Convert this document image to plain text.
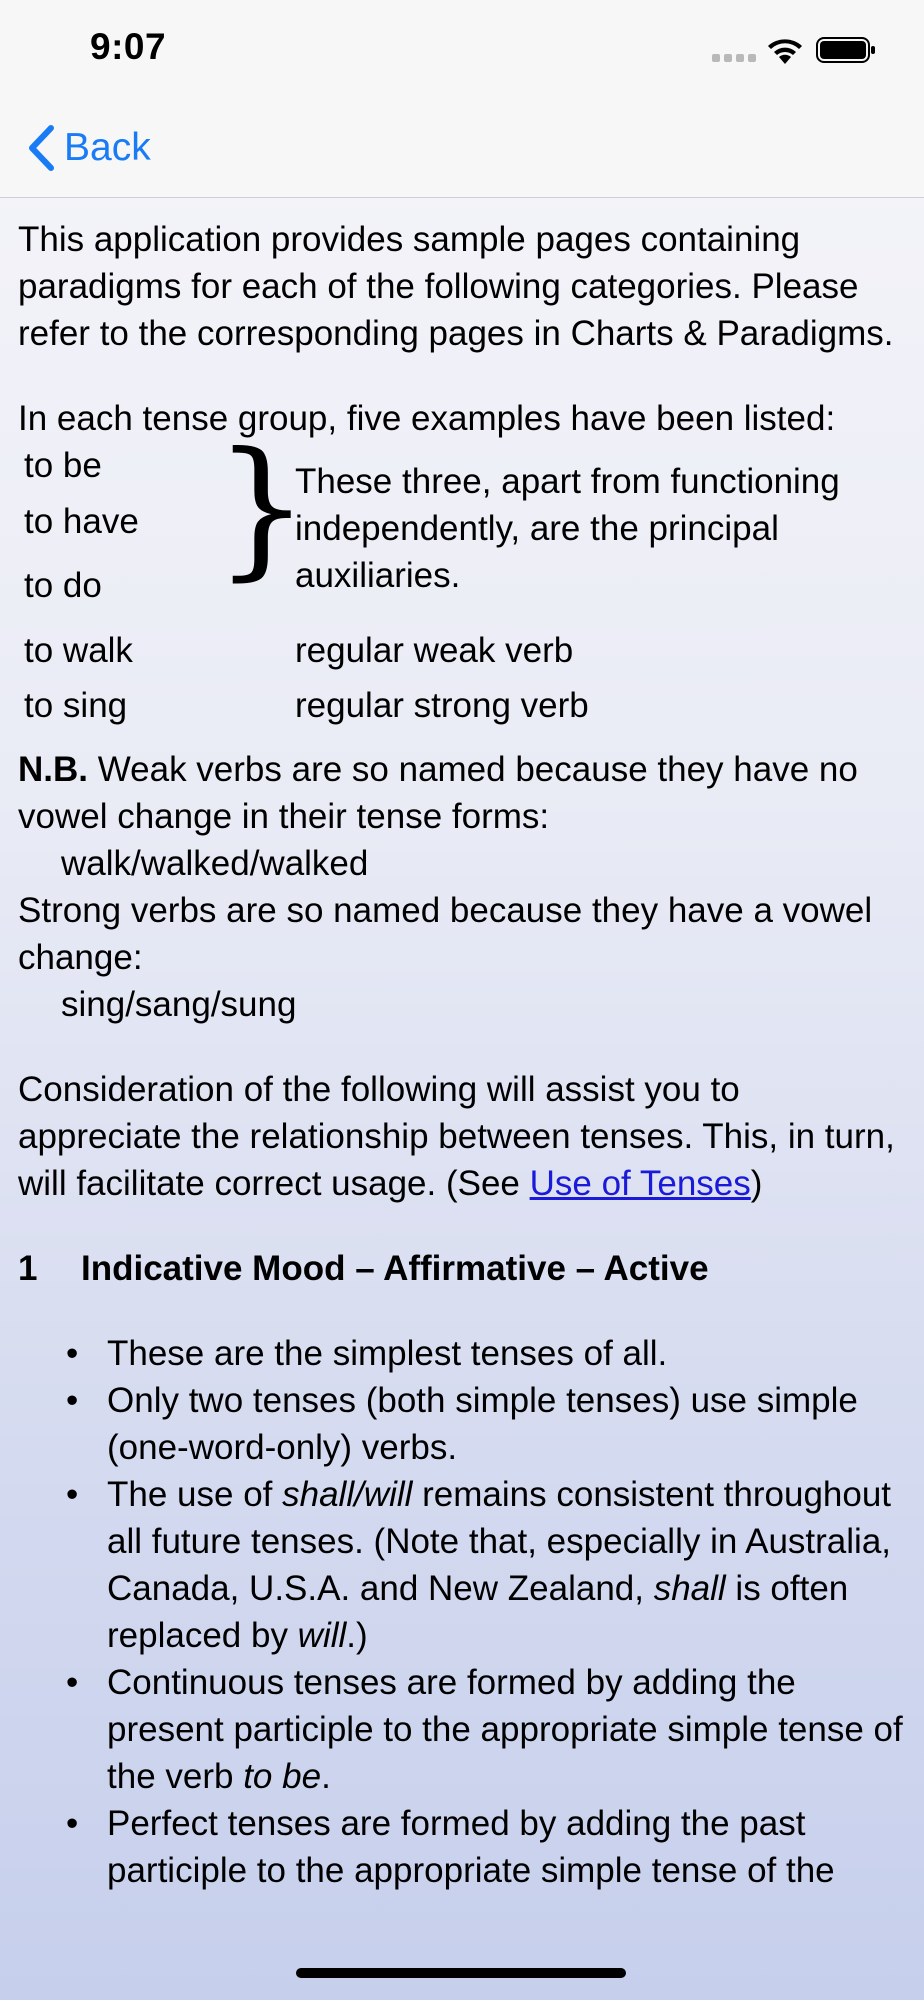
9:07
Back

This application provides sample pages containing paradigms for each of the following categories. Please refer to the corresponding pages in Charts & Paradigms.

In each tense group, five examples have been listed:

to be
to have
to do }
These three, apart from functioning independently, are the principal auxiliaries.
to walk	regular weak verb
to sing	regular strong verb

N.B. Weak verbs are so named because they have no vowel change in their tense forms:

walk/walked/walked

Strong verbs are so named because they have a vowel change:

sing/sang/sung

Consideration of the following will assist you to appreciate the relationship between tenses. This, in turn, will facilitate correct usage. (See Use of Tenses)

1	Indicative Mood – Affirmative – Active
• These are the simplest tenses of all.
• Only two tenses (both simple tenses) use simple (one-word-only) verbs.
• The use of shall/will remains consistent throughout all future tenses. (Note that, especially in Australia, Canada, U.S.A. and New Zealand, shall is often replaced by will.)
• Continuous tenses are formed by adding the present participle to the appropriate simple tense of the verb to be.
• Perfect tenses are formed by adding the past participle to the appropriate simple tense of the
